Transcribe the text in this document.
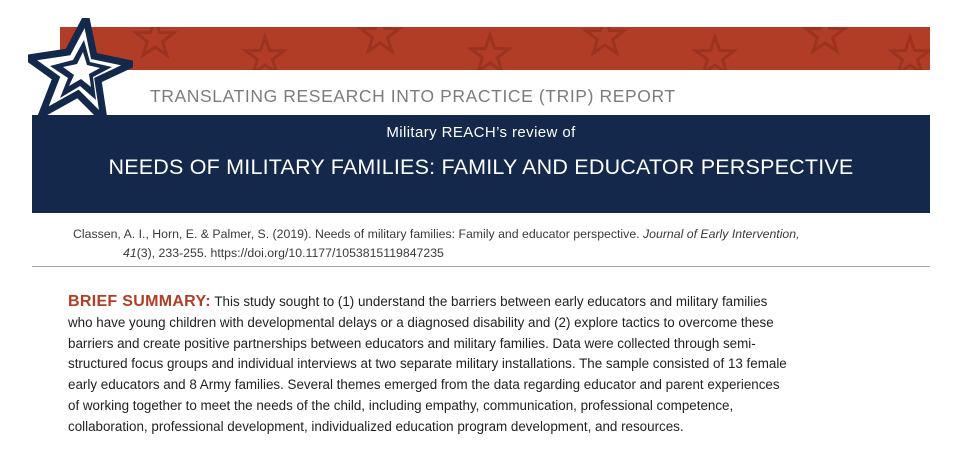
TRANSLATING RESEARCH INTO PRACTICE (TRIP) REPORT
Military REACH’s review of
NEEDS OF MILITARY FAMILIES: FAMILY AND EDUCATOR PERSPECTIVE
Classen, A. I., Horn, E. & Palmer, S. (2019). Needs of military families: Family and educator perspective. Journal of Early Intervention,
41(3), 233-255. https://doi.org/10.1177/1053815119847235
BRIEF SUMMARY: This study sought to (1) understand the barriers between early educators and military families
who have young children with developmental delays or a diagnosed disability and (2) explore tactics to overcome these
barriers and create positive partnerships between educators and military families. Data were collected through semi-
structured focus groups and individual interviews at two separate military installations. The sample consisted of 13 female
early educators and 8 Army families. Several themes emerged from the data regarding educator and parent experiences
of working together to meet the needs of the child, including empathy, communication, professional competence,
collaboration, professional development, individualized education program development, and resources.
